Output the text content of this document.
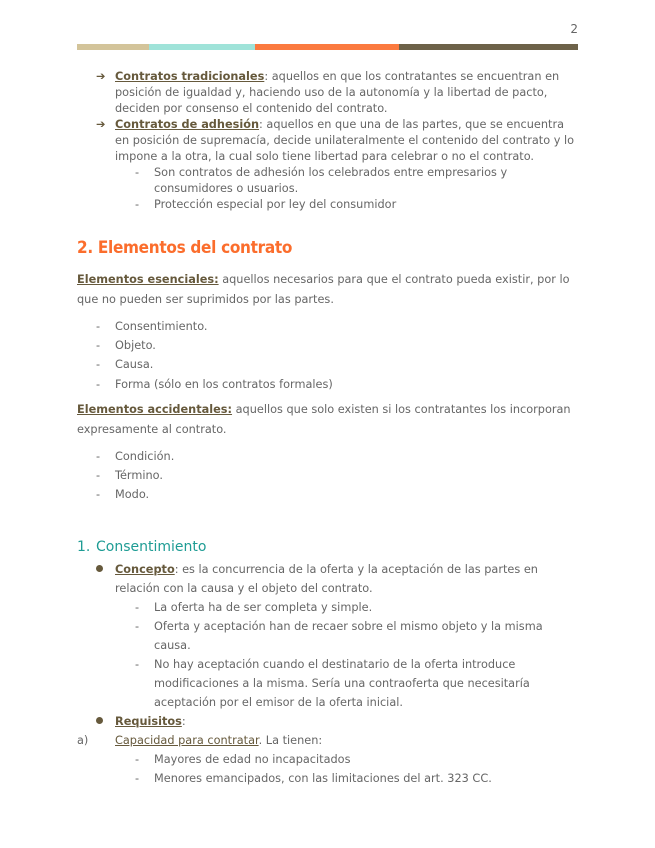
2
➔ Contratos tradicionales: aquellos en que los contratantes se encuentran en posición de igualdad y, haciendo uso de la autonomía y la libertad de pacto, deciden por consenso el contenido del contrato.
➔ Contratos de adhesión: aquellos en que una de las partes, que se encuentra en posición de supremacía, decide unilateralmente el contenido del contrato y lo impone a la otra, la cual solo tiene libertad para celebrar o no el contrato.
- Son contratos de adhesión los celebrados entre empresarios y consumidores o usuarios.
- Protección especial por ley del consumidor
2. Elementos del contrato

Elementos esenciales: aquellos necesarios para que el contrato pueda existir, por lo que no pueden ser suprimidos por las partes.

- Consentimiento.
- Objeto.
- Causa.
- Forma (sólo en los contratos formales)

Elementos accidentales: aquellos que solo existen si los contratantes los incorporan expresamente al contrato.

- Condición.
- Término.
- Modo.
1. Consentimiento
Concepto: es la concurrencia de la oferta y la aceptación de las partes en relación con la causa y el objeto del contrato.
- La oferta ha de ser completa y simple.
- Oferta y aceptación han de recaer sobre el mismo objeto y la misma causa.
- No hay aceptación cuando el destinatario de la oferta introduce modificaciones a la misma. Sería una contraoferta que necesitaría aceptación por el emisor de la oferta inicial.
Requisitos:

a) Capacidad para contratar. La tienen:

- Mayores de edad no incapacitados
- Menores emancipados, con las limitaciones del art. 323 CC.
